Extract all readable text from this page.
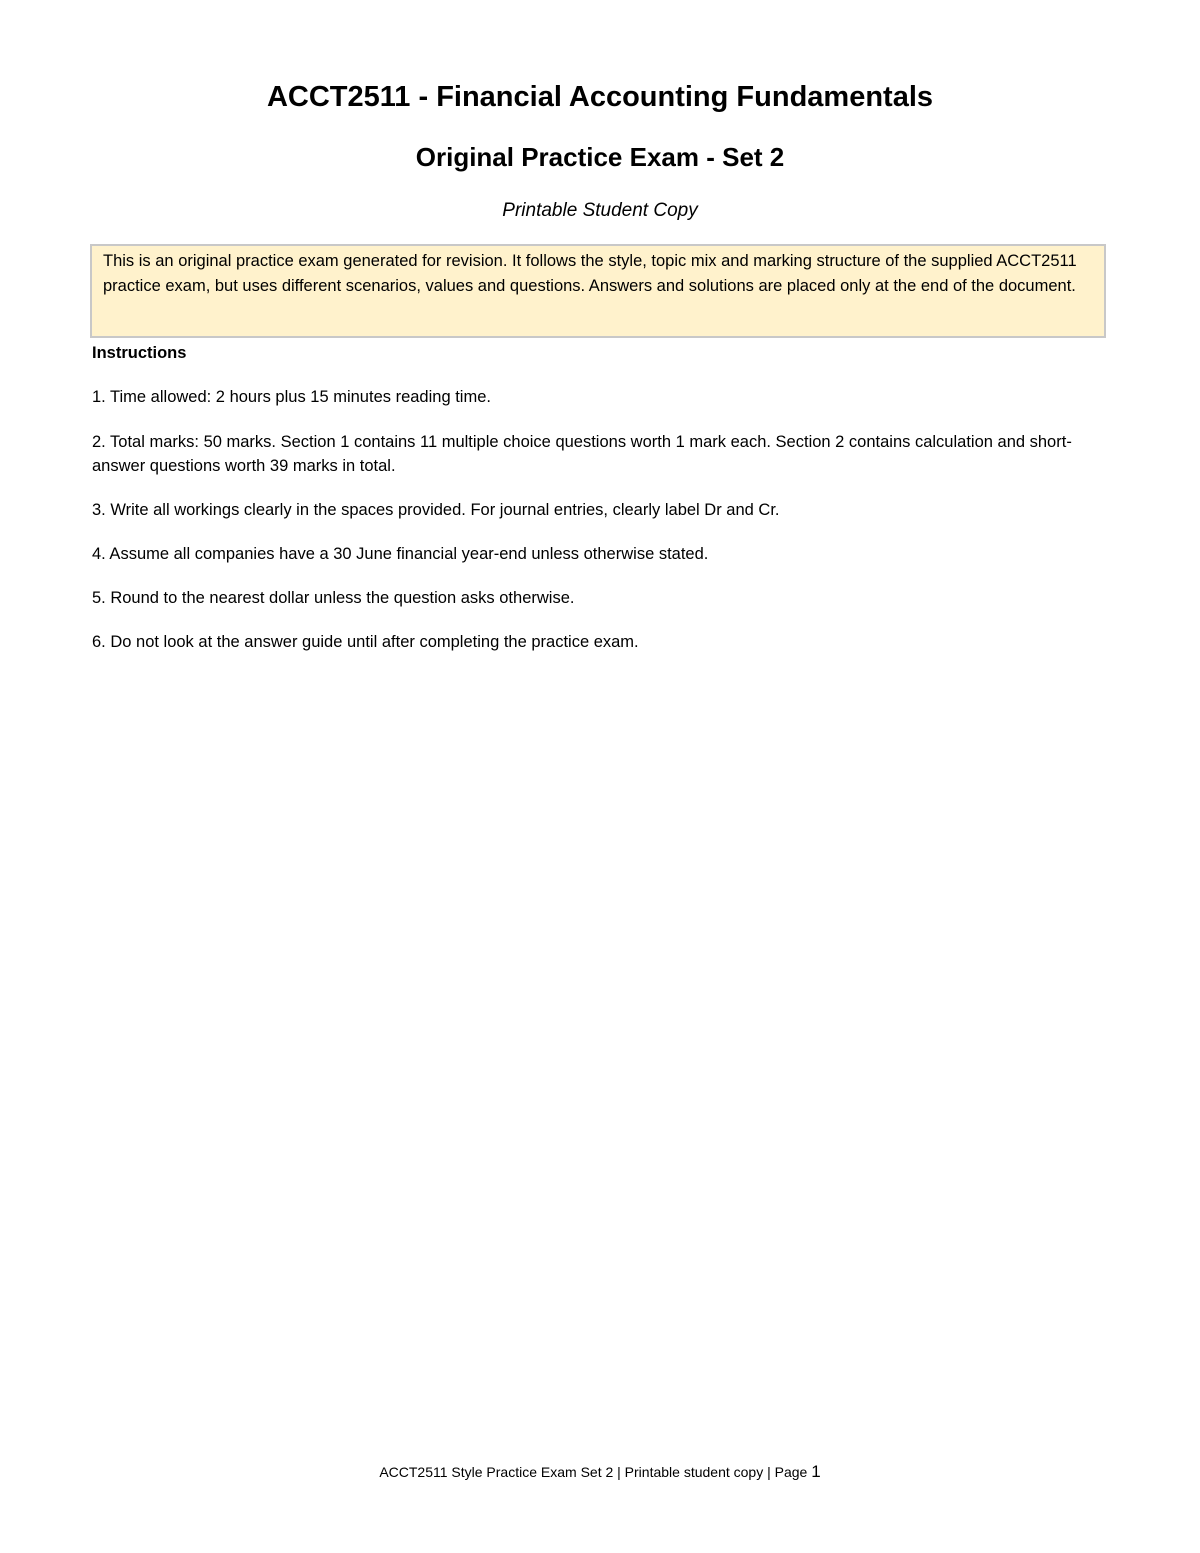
ACCT2511 - Financial Accounting Fundamentals
Original Practice Exam - Set 2

Printable Student Copy

This is an original practice exam generated for revision. It follows the style, topic mix and marking structure of the supplied ACCT2511 practice exam, but uses different scenarios, values and questions. Answers and solutions are placed only at the end of the document.

Instructions

1. Time allowed: 2 hours plus 15 minutes reading time.

2. Total marks: 50 marks. Section 1 contains 11 multiple choice questions worth 1 mark each. Section 2 contains calculation and short-answer questions worth 39 marks in total.

3. Write all workings clearly in the spaces provided. For journal entries, clearly label Dr and Cr.

4. Assume all companies have a 30 June financial year-end unless otherwise stated.

5. Round to the nearest dollar unless the question asks otherwise.

6. Do not look at the answer guide until after completing the practice exam.

ACCT2511 Style Practice Exam Set 2 | Printable student copy | Page 1
